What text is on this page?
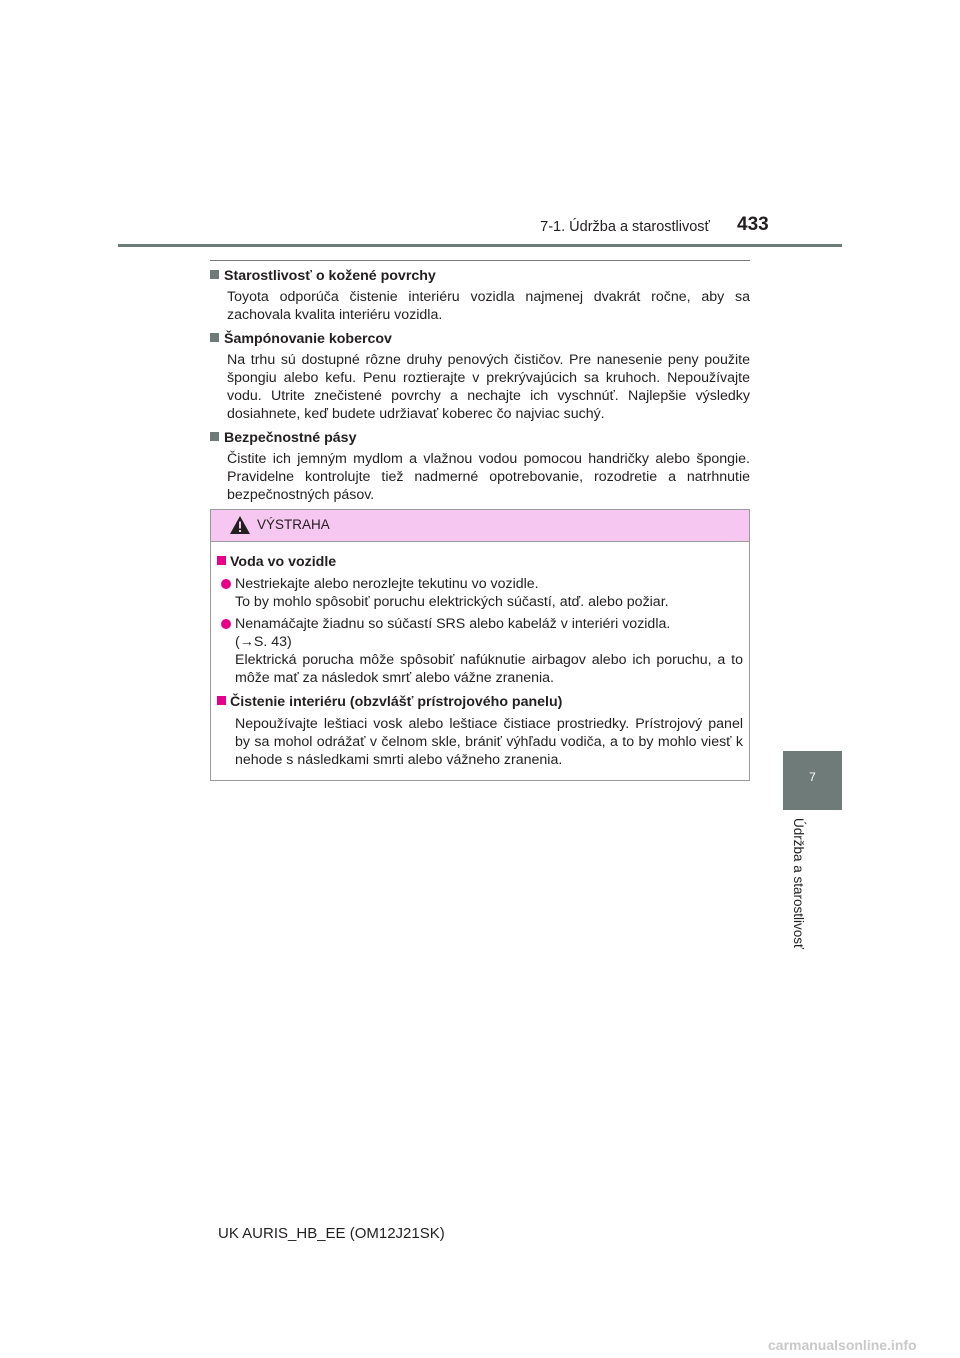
7-1. Údržba a starostlivosť 433

Starostlivosť o kožené povrchy

Toyota odporúča čistenie interiéru vozidla najmenej dvakrát ročne, aby sa zachovala kvalita interiéru vozidla.

Šampónovanie kobercov

Na trhu sú dostupné rôzne druhy penových čističov. Pre nanesenie peny použite špongiu alebo kefu. Penu roztierajte v prekrývajúcich sa kruhoch. Nepoužívajte vodu. Utrite znečistené povrchy a nechajte ich vyschnúť. Najlepšie výsledky dosiahnete, keď budete udržiavať koberec čo najviac suchý.

Bezpečnostné pásy

Čistite ich jemným mydlom a vlažnou vodou pomocou handričky alebo špongie. Pravidelne kontrolujte tiež nadmerné opotrebovanie, rozodretie a natrhnutie bezpečnostných pásov.

VÝSTRAHA
Voda vo vozidle
Nestriekajte alebo nerozlejte tekutinu vo vozidle.
To by mohlo spôsobiť poruchu elektrických súčastí, atď. alebo požiar.
Nenamáčajte žiadnu so súčastí SRS alebo kabeláž v interiéri vozidla.
(→S. 43)
Elektrická porucha môže spôsobiť nafúknutie airbagov alebo ich poruchu, a to môže mať za následok smrť alebo vážne zranenia.
Čistenie interiéru (obzvlášť prístrojového panelu)
Nepoužívajte leštiaci vosk alebo leštiace čistiace prostriedky. Prístrojový panel by sa mohol odrážať v čelnom skle, brániť výhľadu vodiča, a to by mohlo viesť k nehode s následkami smrti alebo vážneho zranenia.
7
Údržba a starostlivosť
UK AURIS_HB_EE (OM12J21SK)
carmanualsonline.info
